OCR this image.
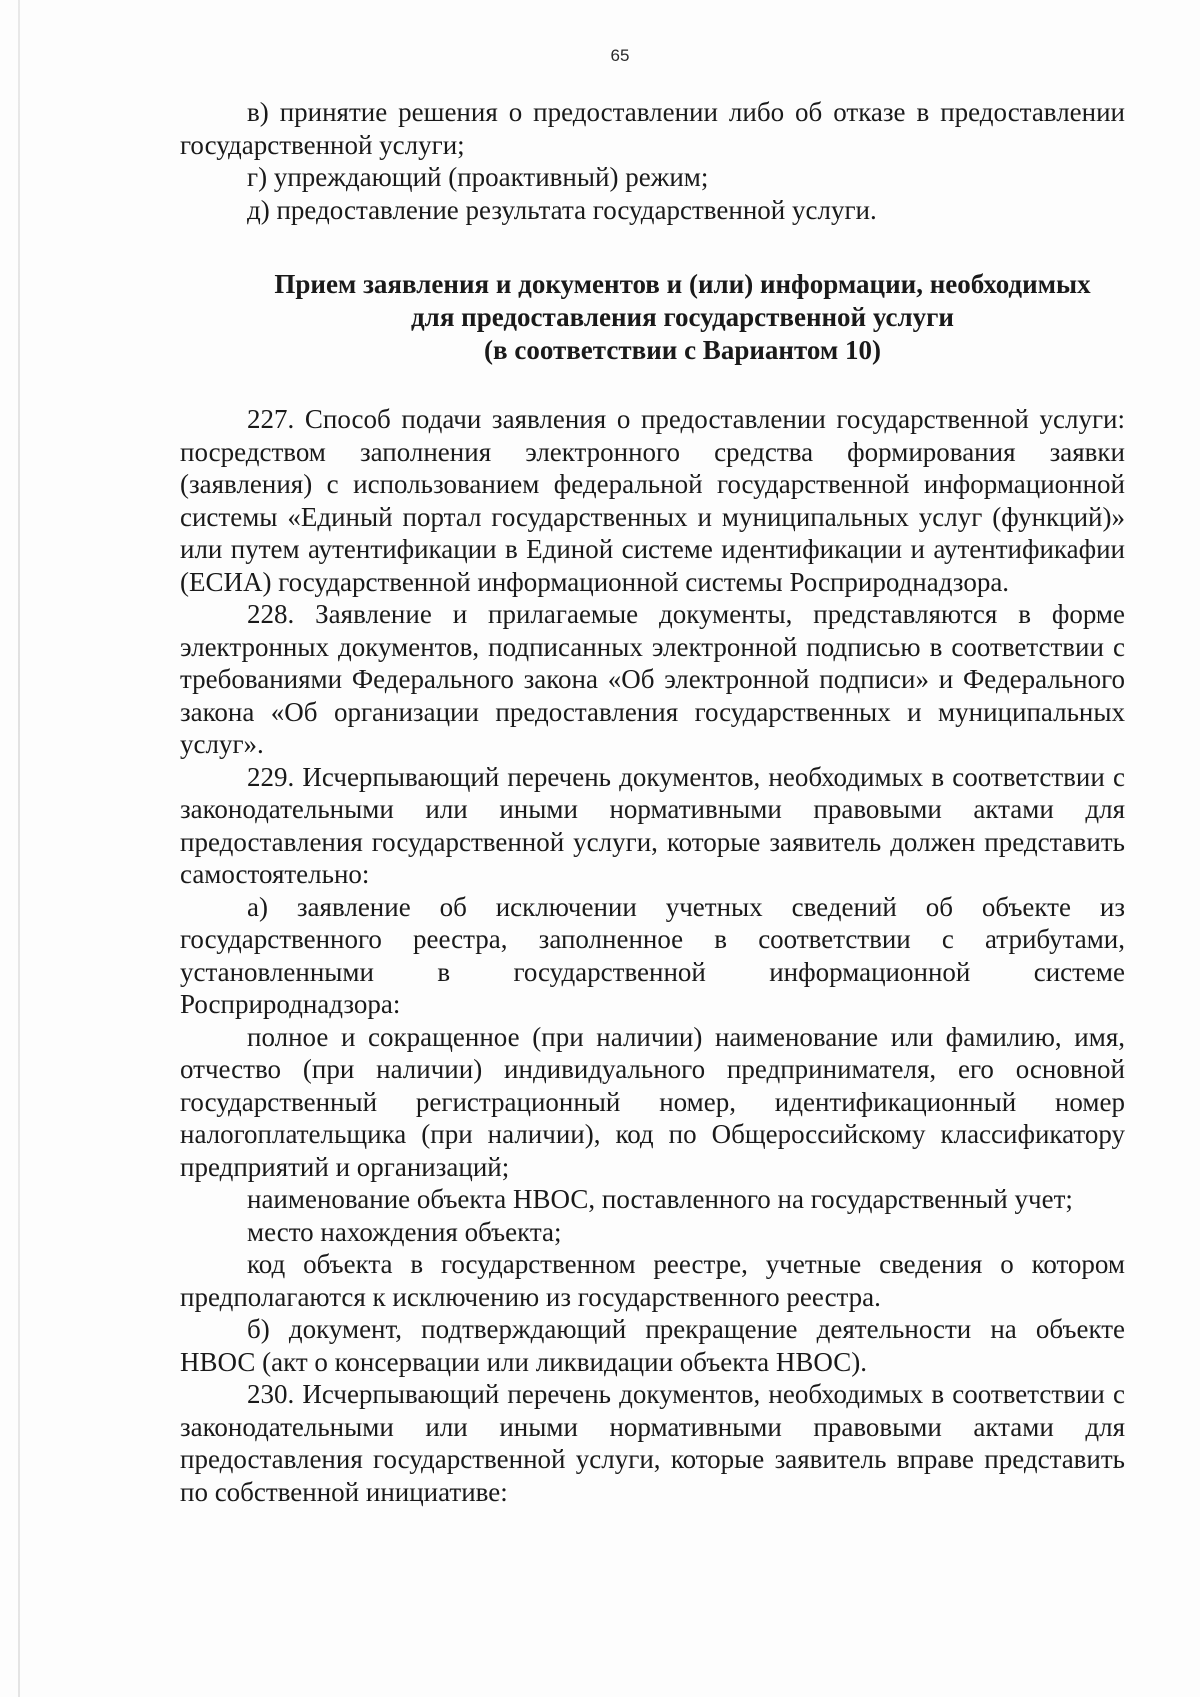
65

в) принятие решения о предоставлении либо об отказе в предоставлении государственной услуги;

г) упреждающий (проактивный) режим;

д) предоставление результата государственной услуги.

Прием заявления и документов и (или) информации, необходимых
для предоставления государственной услуги
(в соответствии с Вариантом 10)

227. Способ подачи заявления о предоставлении государственной услуги: посредством заполнения электронного средства формирования заявки (заявления) с использованием федеральной государственной информационной системы «Единый портал государственных и муниципальных услуг (функций)» или путем аутентификации в Единой системе идентификации и аутентификафии (ЕСИА) государственной информационной системы Росприроднадзора.

228. Заявление и прилагаемые документы, представляются в форме электронных документов, подписанных электронной подписью в соответствии с требованиями Федерального закона «Об электронной подписи» и Федерального закона «Об организации предоставления государственных и муниципальных услуг».

229. Исчерпывающий перечень документов, необходимых в соответствии с законодательными или иными нормативными правовыми актами для предоставления государственной услуги, которые заявитель должен представить самостоятельно:

а) заявление об исключении учетных сведений об объекте из государственного реестра, заполненное в соответствии с атрибутами, установленными в государственной информационной системе Росприроднадзора:

полное и сокращенное (при наличии) наименование или фамилию, имя, отчество (при наличии) индивидуального предпринимателя, его основной государственный регистрационный номер, идентификационный номер налогоплательщика (при наличии), код по Общероссийскому классификатору предприятий и организаций;

наименование объекта НВОС, поставленного на государственный учет;

место нахождения объекта;

код объекта в государственном реестре, учетные сведения о котором предполагаются к исключению из государственного реестра.

б) документ, подтверждающий прекращение деятельности на объекте НВОС (акт о консервации или ликвидации объекта НВОС).

230. Исчерпывающий перечень документов, необходимых в соответствии с законодательными или иными нормативными правовыми актами для предоставления государственной услуги, которые заявитель вправе представить по собственной инициативе:
